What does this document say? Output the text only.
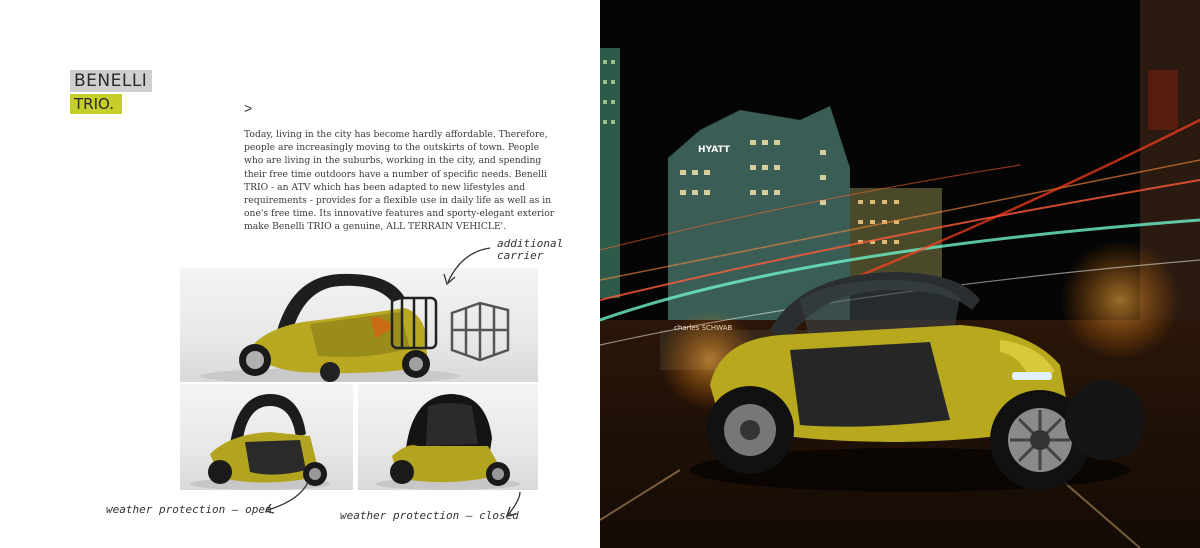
BENELLI
TRIO.	>
Today, living in the city has become hardly affordable. Therefore, people are increasingly moving to the outskirts of town. People who are living in the suburbs, working in the city, and spending their free time outdoors have a number of specific needs. Benelli TRIO - an ATV which has been adapted to new lifestyles and requirements - provides for a flexible use in daily life as well as in one's free time. Its innovative features and sporty-elegant exterior make Benelli TRIO a genuine, ALL TERRAIN VEHICLE'.
additional carrier
weather protection – open	weather protection – closed
HYATT
